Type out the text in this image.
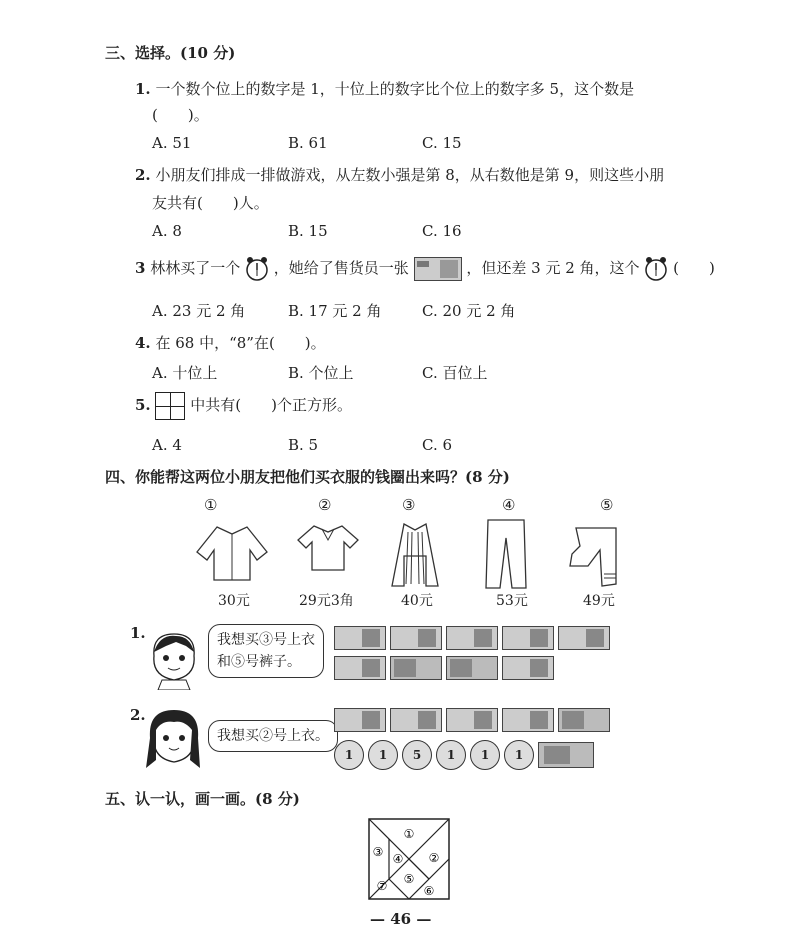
三、选择。(10 分)
1. 一个数个位上的数字是 1，十位上的数字比个位上的数字多 5，这个数是
(　　)。
A. 51	B. 61	C. 15
2. 小朋友们排成一排做游戏，从左数小强是第 8，从右数他是第 9，则这些小朋
友共有(　　)人。
A. 8	B. 15	C. 16
3 林林买了一个 ，她给了售货员一张	，但还差 3 元 2 角，这个 (　　)
A. 23 元 2 角	B. 17 元 2 角	C. 20 元 2 角
4. 在 68 中，“8”在(　　)。
A. 十位上	B. 个位上	C. 百位上
5.	中共有(　　)个正方形。
A. 4	B. 5	C. 6
四、你能帮这两位小朋友把他们买衣服的钱圈出来吗？(8 分)
①	②	③	④	⑤
30元	29元3角	40元	53元	49元
1.	我想买③号上衣
和⑤号裤子。
2.
我想买②号上衣。
1	1	5	1	1	1
五、认一认，画一画。(8 分)
①
②
③ ④
⑤
⑥
⑦
— 46 —
